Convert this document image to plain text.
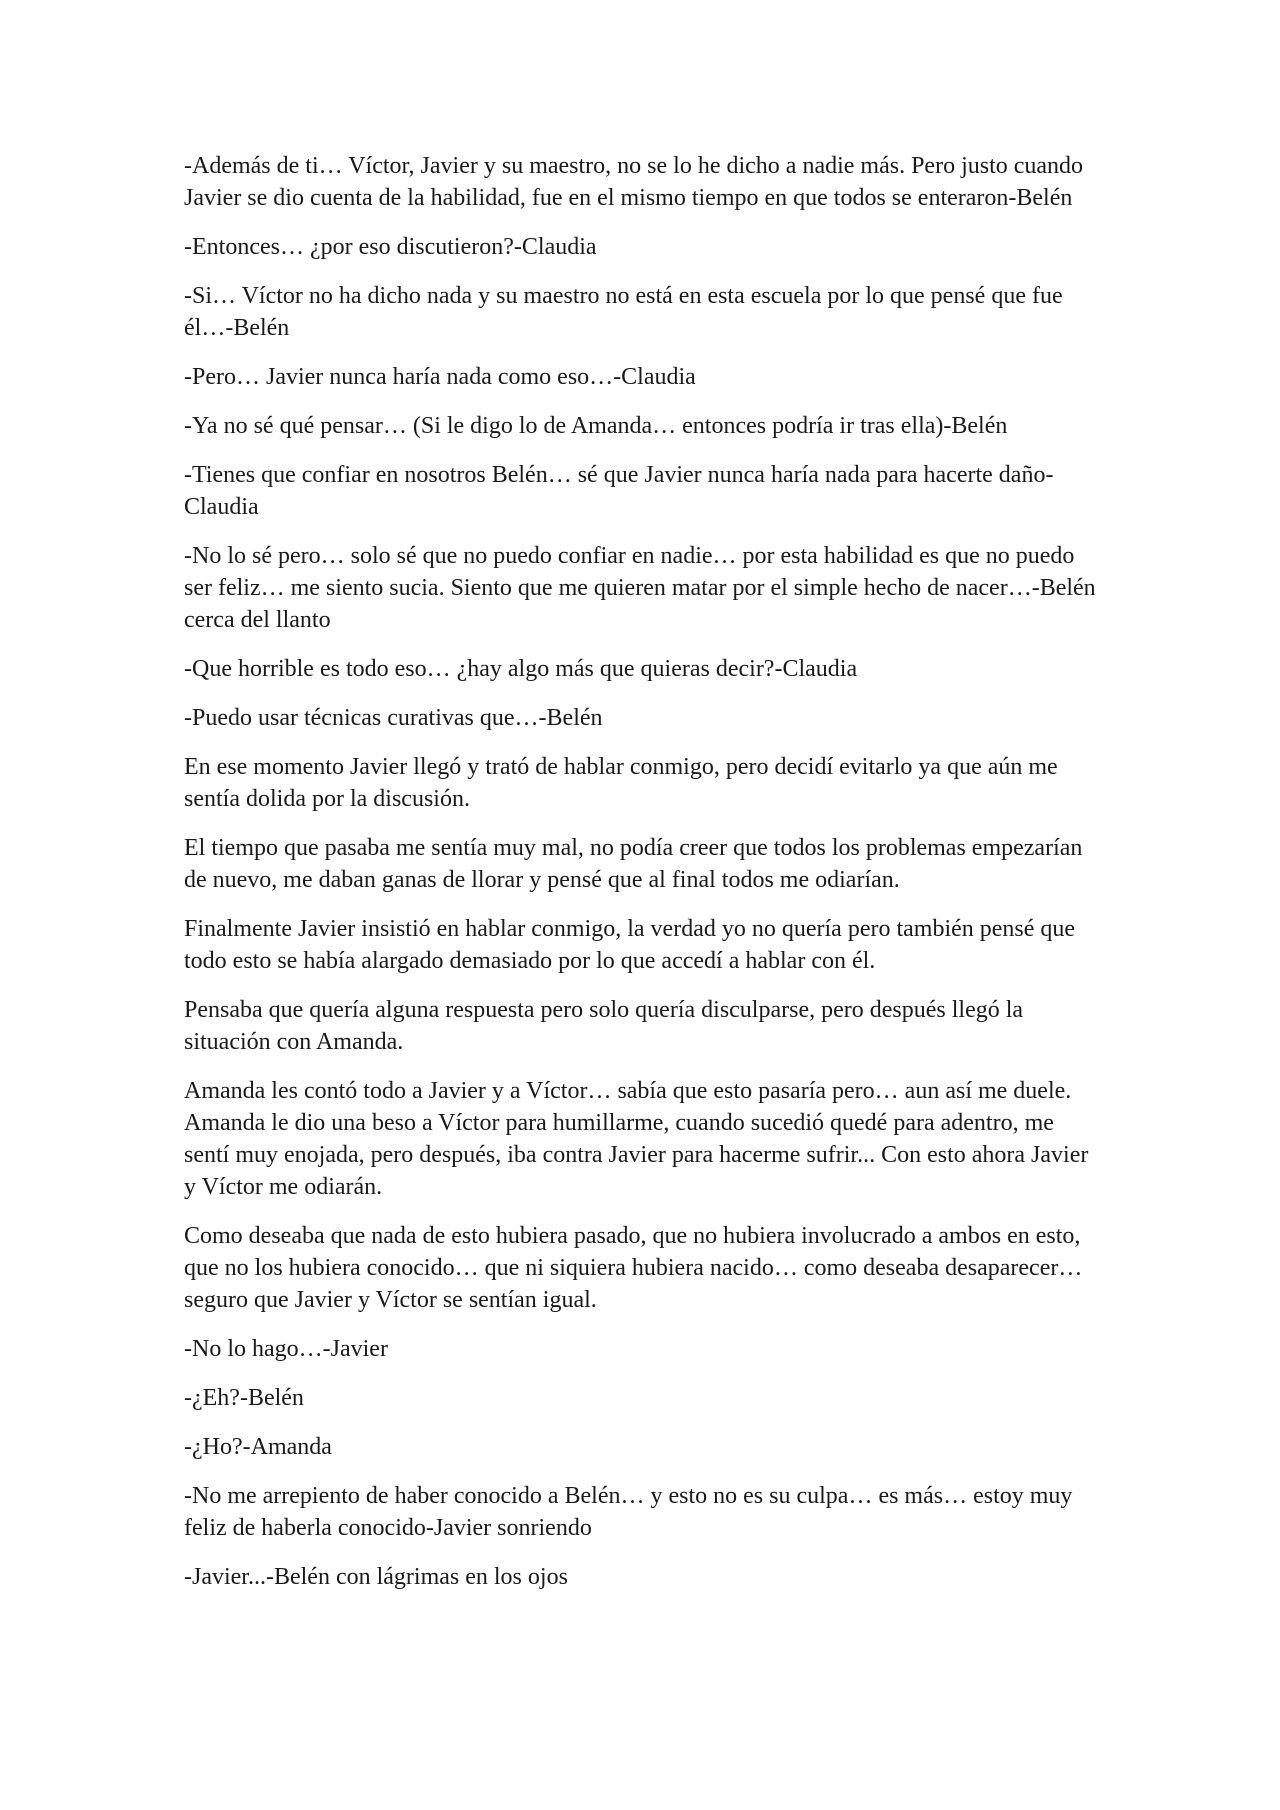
-Además de ti… Víctor, Javier y su maestro, no se lo he dicho a nadie más. Pero justo cuando Javier se dio cuenta de la habilidad, fue en el mismo tiempo en que todos se enteraron-Belén

-Entonces… ¿por eso discutieron?-Claudia

-Si… Víctor no ha dicho nada y su maestro no está en esta escuela por lo que pensé que fue él…-Belén

-Pero… Javier nunca haría nada como eso…-Claudia

-Ya no sé qué pensar… (Si le digo lo de Amanda… entonces podría ir tras ella)-Belén

-Tienes que confiar en nosotros Belén… sé que Javier nunca haría nada para hacerte daño-Claudia

-No lo sé pero… solo sé que no puedo confiar en nadie… por esta habilidad es que no puedo ser feliz… me siento sucia. Siento que me quieren matar por el simple hecho de nacer…-Belén cerca del llanto

-Que horrible es todo eso… ¿hay algo más que quieras decir?-Claudia

-Puedo usar técnicas curativas que…-Belén

En ese momento Javier llegó y trató de hablar conmigo, pero decidí evitarlo ya que aún me sentía dolida por la discusión.

El tiempo que pasaba me sentía muy mal, no podía creer que todos los problemas empezarían de nuevo, me daban ganas de llorar y pensé que al final todos me odiarían.

Finalmente Javier insistió en hablar conmigo, la verdad yo no quería pero también pensé que todo esto se había alargado demasiado por lo que accedí a hablar con él.

Pensaba que quería alguna respuesta pero solo quería disculparse, pero después llegó la situación con Amanda.

Amanda les contó todo a Javier y a Víctor… sabía que esto pasaría pero… aun así me duele. Amanda le dio una beso a Víctor para humillarme, cuando sucedió quedé para adentro, me sentí muy enojada, pero después, iba contra Javier para hacerme sufrir... Con esto ahora Javier y Víctor me odiarán.

Como deseaba que nada de esto hubiera pasado, que no hubiera involucrado a ambos en esto, que no los hubiera conocido… que ni siquiera hubiera nacido… como deseaba desaparecer… seguro que Javier y Víctor se sentían igual.

-No lo hago…-Javier

-¿Eh?-Belén

-¿Ho?-Amanda

-No me arrepiento de haber conocido a Belén… y esto no es su culpa… es más… estoy muy feliz de haberla conocido-Javier sonriendo

-Javier...-Belén con lágrimas en los ojos
